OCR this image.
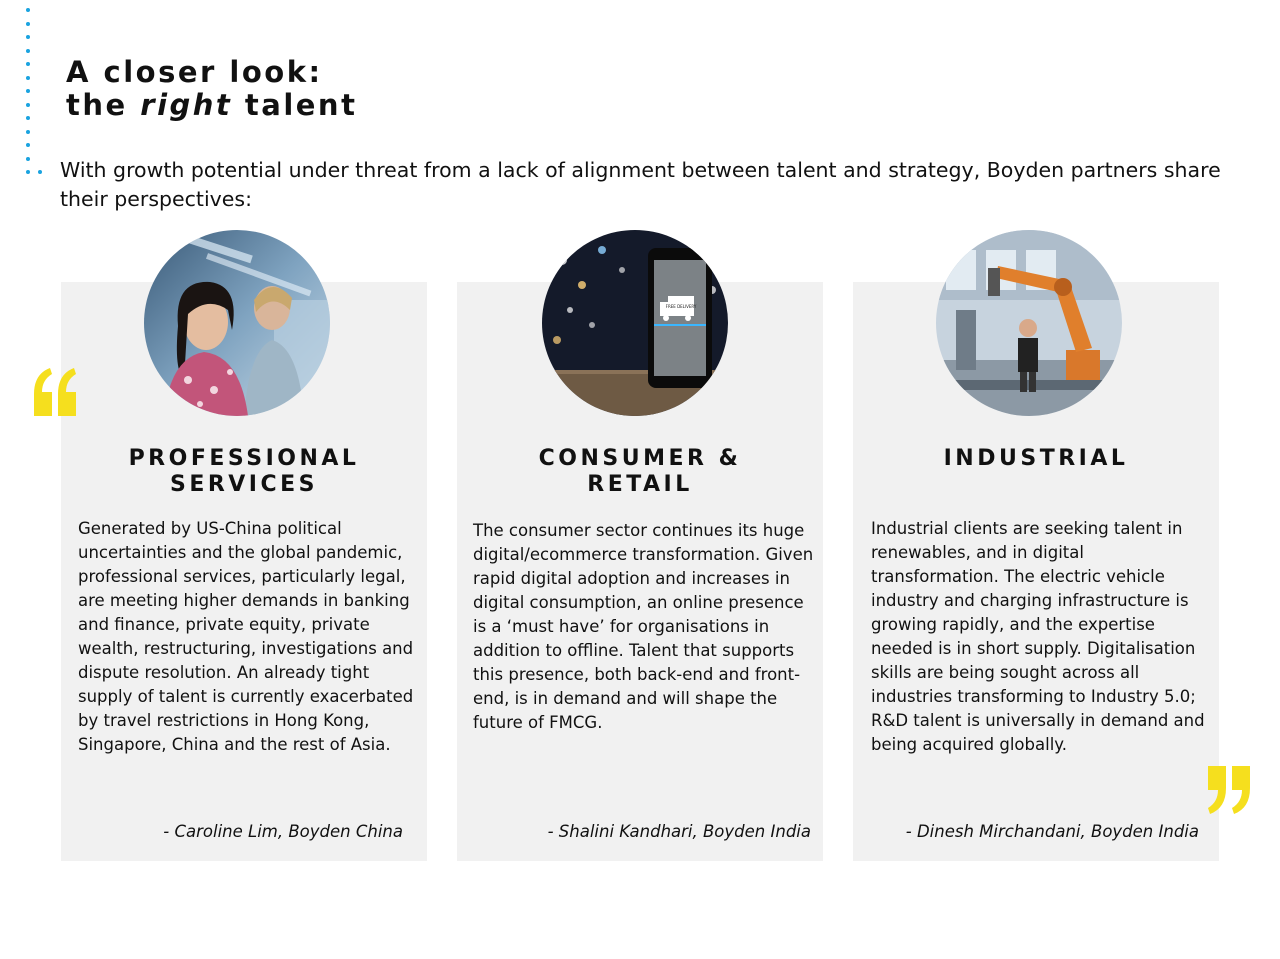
A closer look:
the right talent

With growth potential under threat from a lack of alignment between talent and strategy, Boyden partners share their perspectives:

PROFESSIONAL
SERVICES

Generated by US-China political uncertainties and the global pandemic, professional services, particularly legal, are meeting higher demands in banking and finance, private equity, private wealth, restructuring, investigations and dispute resolution. An already tight supply of talent is currently exacerbated by travel restrictions in Hong Kong, Singapore, China and the rest of Asia.

- Caroline Lim, Boyden China

CONSUMER &
RETAIL

The consumer sector continues its huge digital/ecommerce transformation. Given rapid digital adoption and increases in digital consumption, an online presence is a ‘must have’ for organisations in addition to offline. Talent that supports this presence, both back-end and front-end, is in demand and will shape the future of FMCG.

- Shalini Kandhari, Boyden India

INDUSTRIAL

Industrial clients are seeking talent in renewables, and in digital transformation. The electric vehicle industry and charging infrastructure is growing rapidly, and the expertise needed is in short supply. Digitalisation skills are being sought across all industries transforming to Industry 5.0; R&D talent is universally in demand and being acquired globally.

- Dinesh Mirchandani, Boyden India

FREE DELIVERY
